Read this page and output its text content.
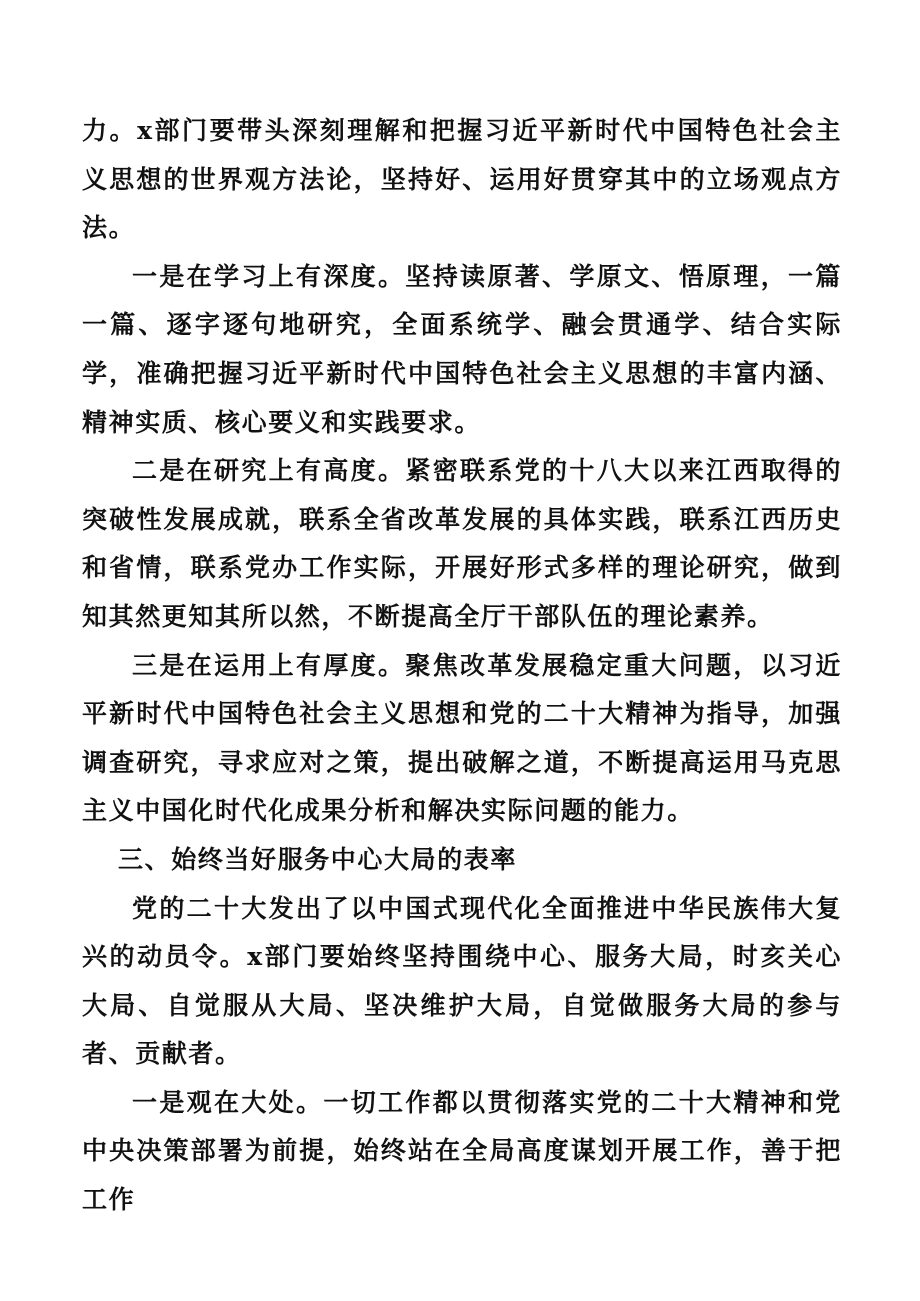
力。x部门要带头深刻理解和把握习近平新时代中国特色社会主义思想的世界观方法论，坚持好、运用好贯穿其中的立场观点方法。

一是在学习上有深度。坚持读原著、学原文、悟原理，一篇一篇、逐字逐句地研究，全面系统学、融会贯通学、结合实际学，准确把握习近平新时代中国特色社会主义思想的丰富内涵、精神实质、核心要义和实践要求。

二是在研究上有高度。紧密联系党的十八大以来江西取得的突破性发展成就，联系全省改革发展的具体实践，联系江西历史和省情，联系党办工作实际，开展好形式多样的理论研究，做到知其然更知其所以然，不断提高全厅干部队伍的理论素养。

三是在运用上有厚度。聚焦改革发展稳定重大问题，以习近平新时代中国特色社会主义思想和党的二十大精神为指导，加强调查研究，寻求应对之策，提出破解之道，不断提高运用马克思主义中国化时代化成果分析和解决实际问题的能力。

三、始终当好服务中心大局的表率

党的二十大发出了以中国式现代化全面推进中华民族伟大复兴的动员令。x部门要始终坚持围绕中心、服务大局，时亥关心大局、自觉服从大局、坚决维护大局，自觉做服务大局的参与者、贡献者。

一是观在大处。一切工作都以贯彻落实党的二十大精神和党中央决策部署为前提，始终站在全局高度谋划开展工作，善于把工作
